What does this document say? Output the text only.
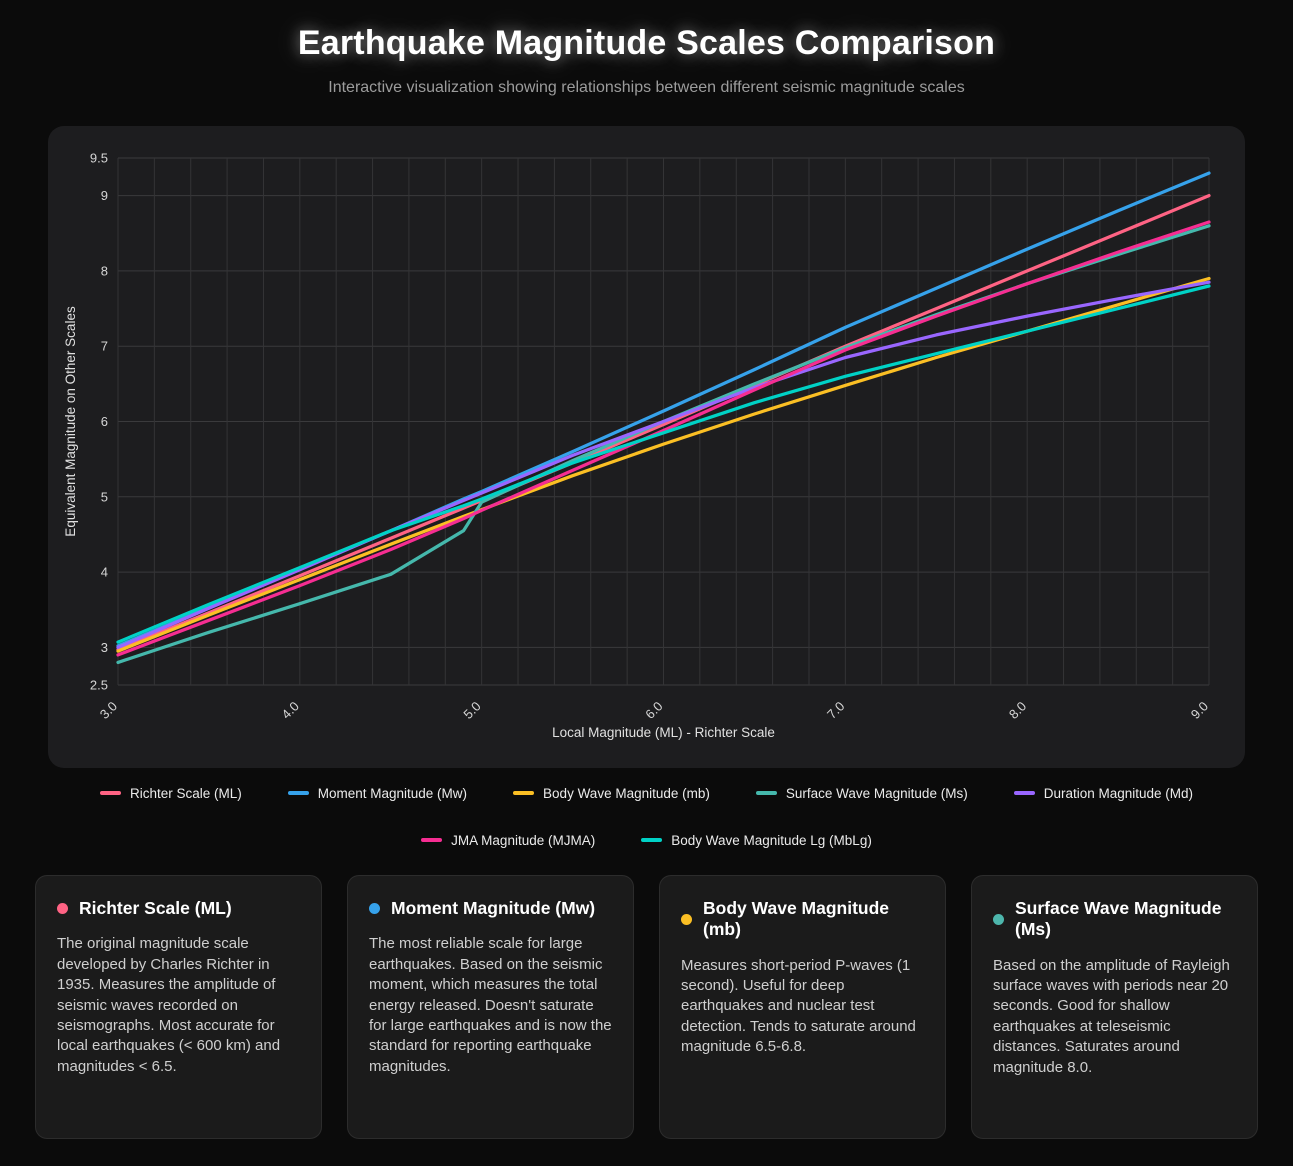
Earthquake Magnitude Scales Comparison
Interactive visualization showing relationships between different seismic magnitude scales
2.5
3
4
5
6
7
8
9
9.5
3.0	4.0	5.0	6.0	7.0	8.0	9.0
Local Magnitude (ML) - Richter Scale
Equivalent Magnitude on Other Scales
Richter Scale (ML)	Moment Magnitude (Mw)	Body Wave Magnitude (mb)	Surface Wave Magnitude (Ms)	Duration Magnitude (Md)
JMA Magnitude (MJMA)	Body Wave Magnitude Lg (MbLg)
Richter Scale (ML)

The original magnitude scale developed by Charles Richter in 1935. Measures the amplitude of seismic waves recorded on seismographs. Most accurate for local earthquakes (< 600 km) and magnitudes < 6.5.

Moment Magnitude (Mw)

The most reliable scale for large earthquakes. Based on the seismic moment, which measures the total energy released. Doesn't saturate for large earthquakes and is now the standard for reporting earthquake magnitudes.

Body Wave Magnitude (mb)

Measures short-period P-waves (1 second). Useful for deep earthquakes and nuclear test detection. Tends to saturate around magnitude 6.5-6.8.

Surface Wave Magnitude (Ms)

Based on the amplitude of Rayleigh surface waves with periods near 20 seconds. Good for shallow earthquakes at teleseismic distances. Saturates around magnitude 8.0.
